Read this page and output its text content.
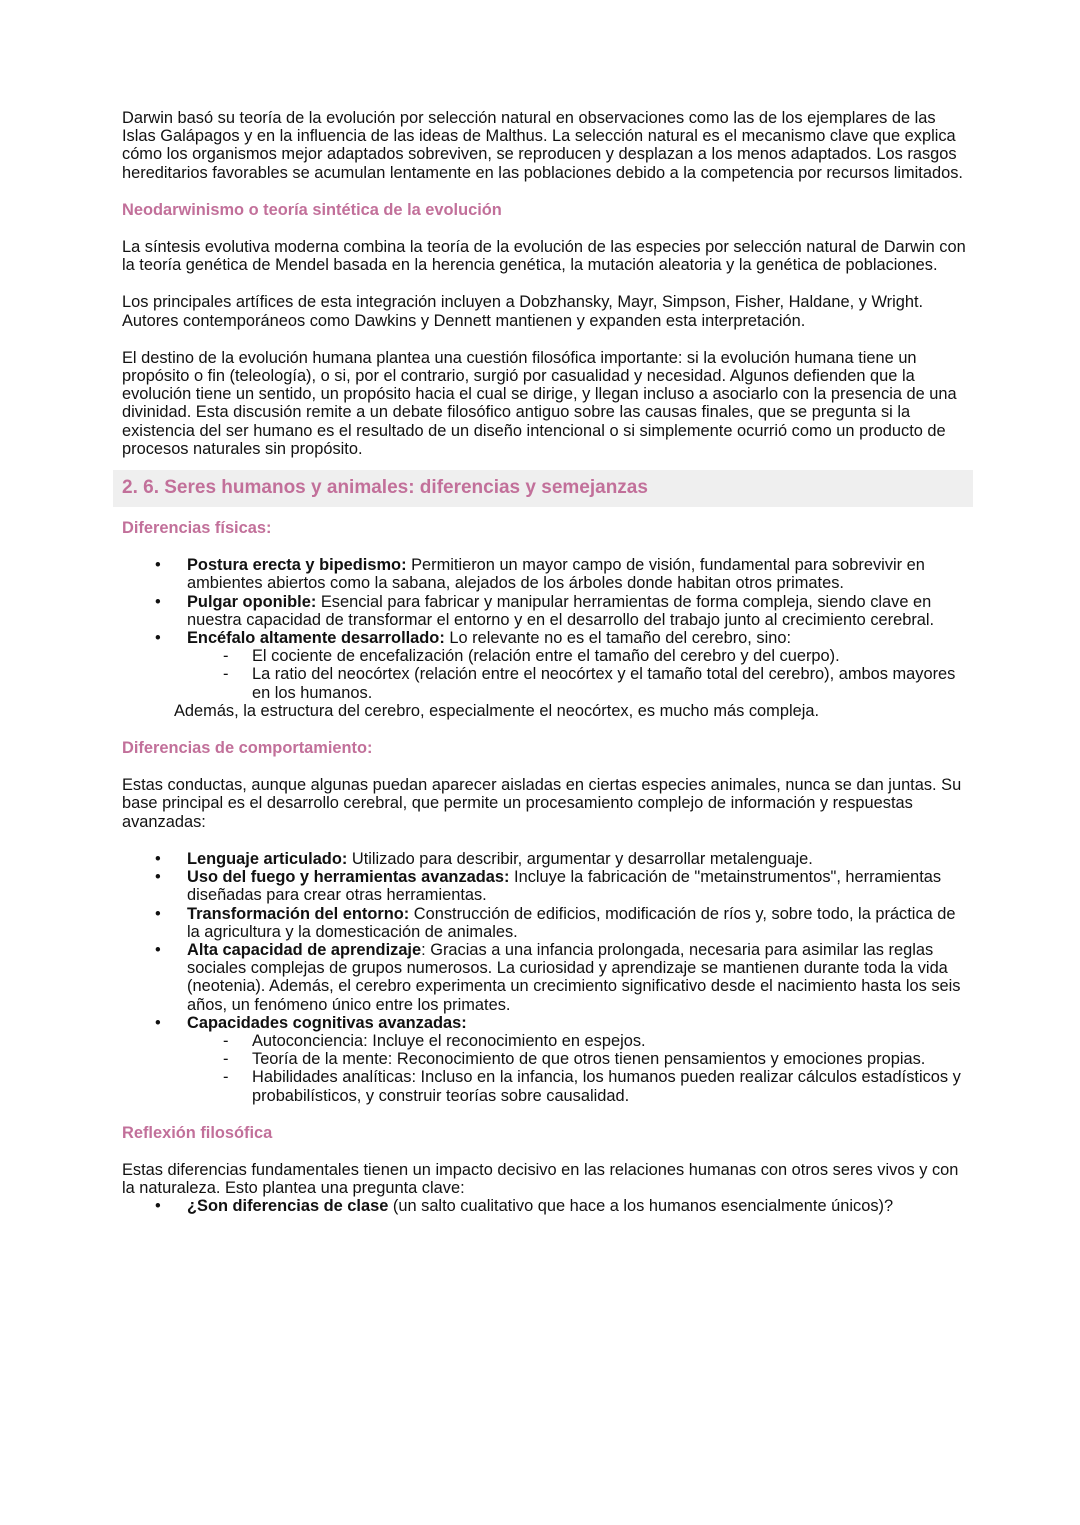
Darwin basó su teoría de la evolución por selección natural en observaciones como las de los ejemplares de las Islas Galápagos y en la influencia de las ideas de Malthus. La selección natural es el mecanismo clave que explica cómo los organismos mejor adaptados sobreviven, se reproducen y desplazan a los menos adaptados. Los rasgos hereditarios favorables se acumulan lentamente en las poblaciones debido a la competencia por recursos limitados.

Neodarwinismo o teoría sintética de la evolución

La síntesis evolutiva moderna combina la teoría de la evolución de las especies por selección natural de Darwin con la teoría genética de Mendel basada en la herencia genética, la mutación aleatoria y la genética de poblaciones.

Los principales artífices de esta integración incluyen a Dobzhansky, Mayr, Simpson, Fisher, Haldane, y Wright. Autores contemporáneos como Dawkins y Dennett mantienen y expanden esta interpretación.

El destino de la evolución humana plantea una cuestión filosófica importante: si la evolución humana tiene un propósito o fin (teleología), o si, por el contrario, surgió por casualidad y necesidad. Algunos defienden que la evolución tiene un sentido, un propósito hacia el cual se dirige, y llegan incluso a asociarlo con la presencia de una divinidad. Esta discusión remite a un debate filosófico antiguo sobre las causas finales, que se pregunta si la existencia del ser humano es el resultado de un diseño intencional o si simplemente ocurrió como un producto de procesos naturales sin propósito.

2. 6. Seres humanos y animales: diferencias y semejanzas
Diferencias físicas:
• Postura erecta y bipedismo: Permitieron un mayor campo de visión, fundamental para sobrevivir en ambientes abiertos como la sabana, alejados de los árboles donde habitan otros primates.
• Pulgar oponible: Esencial para fabricar y manipular herramientas de forma compleja, siendo clave en nuestra capacidad de transformar el entorno y en el desarrollo del trabajo junto al crecimiento cerebral.
• Encéfalo altamente desarrollado: Lo relevante no es el tamaño del cerebro, sino:
- El cociente de encefalización (relación entre el tamaño del cerebro y del cuerpo).
- La ratio del neocórtex (relación entre el neocórtex y el tamaño total del cerebro), ambos mayores en los humanos.

Además, la estructura del cerebro, especialmente el neocórtex, es mucho más compleja.

Diferencias de comportamiento:

Estas conductas, aunque algunas puedan aparecer aisladas en ciertas especies animales, nunca se dan juntas. Su base principal es el desarrollo cerebral, que permite un procesamiento complejo de información y respuestas avanzadas:

• Lenguaje articulado: Utilizado para describir, argumentar y desarrollar metalenguaje.
• Uso del fuego y herramientas avanzadas: Incluye la fabricación de "metainstrumentos", herramientas diseñadas para crear otras herramientas.
• Transformación del entorno: Construcción de edificios, modificación de ríos y, sobre todo, la práctica de la agricultura y la domesticación de animales.
• Alta capacidad de aprendizaje: Gracias a una infancia prolongada, necesaria para asimilar las reglas sociales complejas de grupos numerosos. La curiosidad y aprendizaje se mantienen durante toda la vida (neotenia). Además, el cerebro experimenta un crecimiento significativo desde el nacimiento hasta los seis años, un fenómeno único entre los primates.
• Capacidades cognitivas avanzadas:
- Autoconciencia: Incluye el reconocimiento en espejos.
- Teoría de la mente: Reconocimiento de que otros tienen pensamientos y emociones propias.
- Habilidades analíticas: Incluso en la infancia, los humanos pueden realizar cálculos estadísticos y probabilísticos, y construir teorías sobre causalidad.
Reflexión filosófica

Estas diferencias fundamentales tienen un impacto decisivo en las relaciones humanas con otros seres vivos y con la naturaleza. Esto plantea una pregunta clave:

• ¿Son diferencias de clase (un salto cualitativo que hace a los humanos esencialmente únicos)?
